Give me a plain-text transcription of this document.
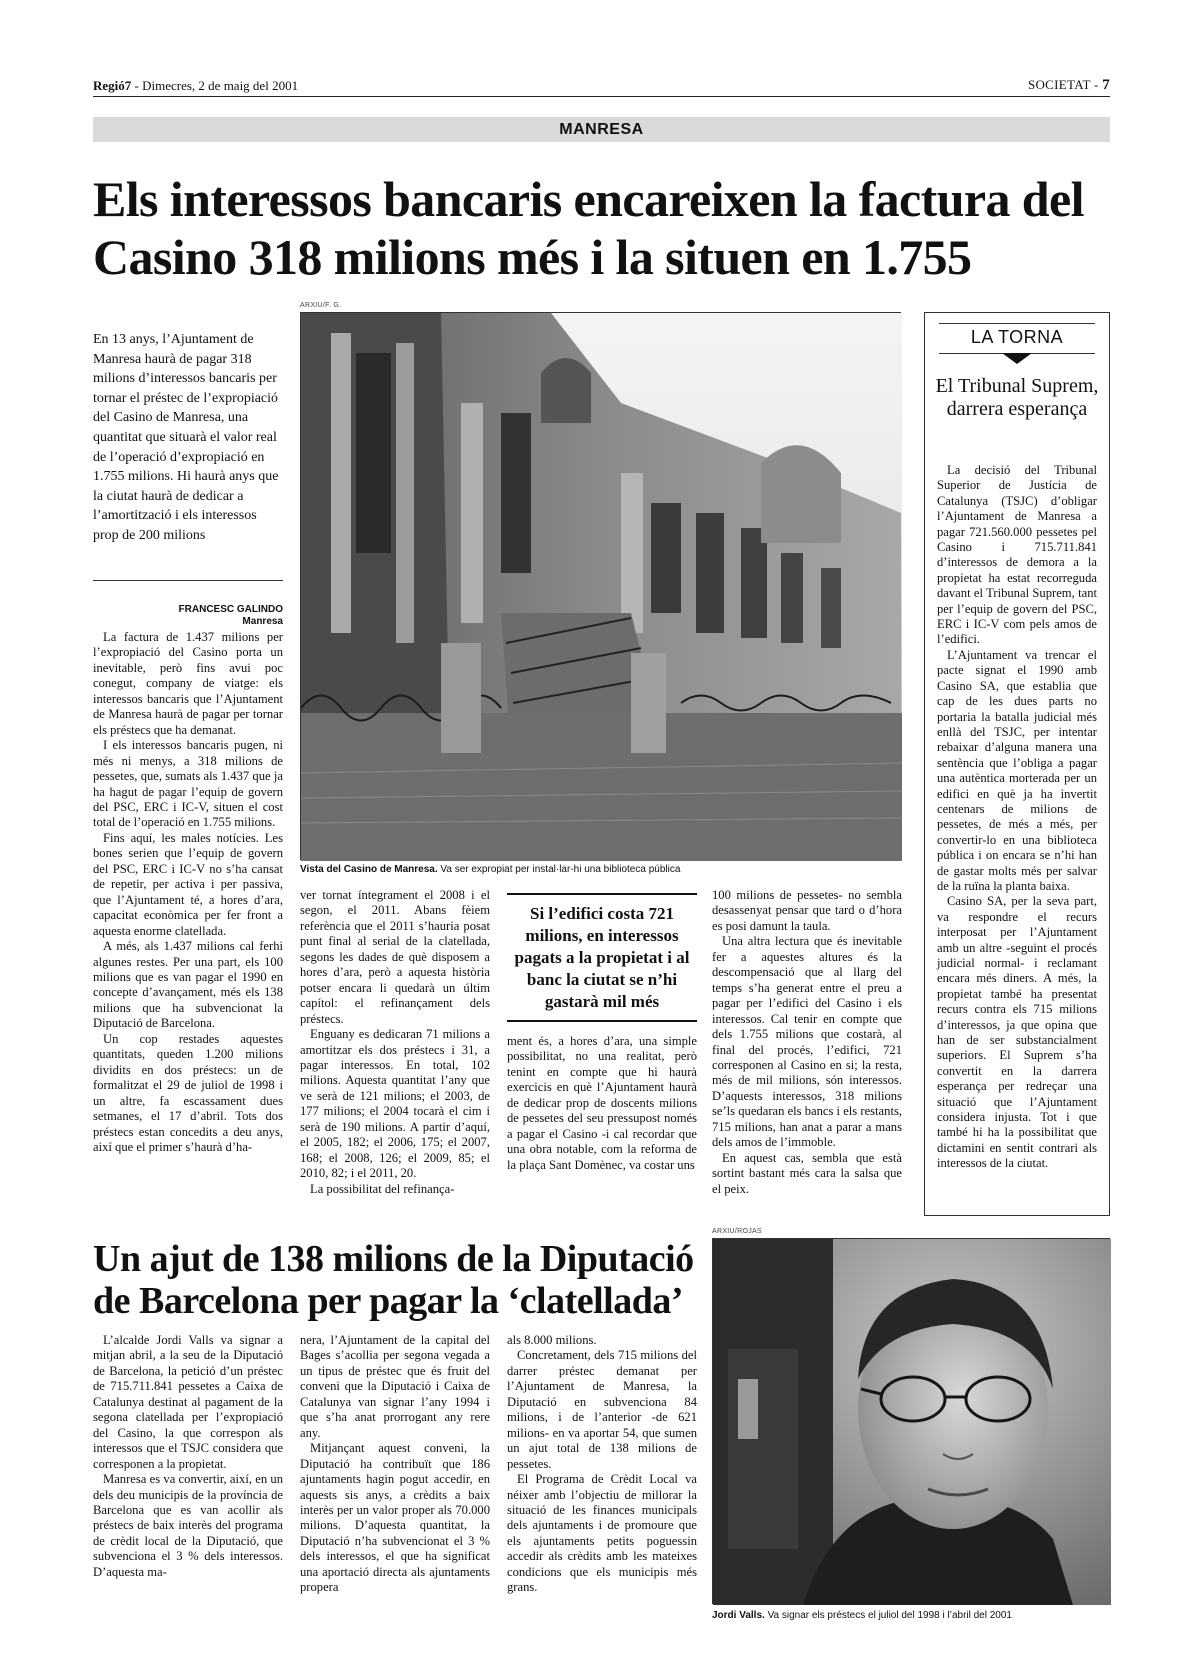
Regió7 - Dimecres, 2 de maig del 2001	SOCIETAT - 7
MANRESA
Els interessos bancaris encareixen la factura del Casino 318 milions més i la situen en 1.755
En 13 anys, l’Ajuntament de Manresa haurà de pagar 318 milions d’interessos bancaris per tornar el préstec de l’expropiació del Casino de Manresa, una quantitat que situarà el valor real de l’operació d’expropiació en 1.755 milions. Hi haurà anys que la ciutat haurà de dedicar a l’amortització i els interessos prop de 200 milions
FRANCESC GALINDO
Manresa

La factura de 1.437 milions per l’expropiació del Casino porta un inevitable, però fins avui poc conegut, company de viatge: els interessos bancaris que l’Ajuntament de Manresa haurà de pagar per tornar els préstecs que ha demanat.

I els interessos bancaris pugen, ni més ni menys, a 318 milions de pessetes, que, sumats als 1.437 que ja ha hagut de pagar l’equip de govern del PSC, ERC i IC-V, situen el cost total de l’operació en 1.755 milions.

Fins aquí, les males notícies. Les bones serien que l’equip de govern del PSC, ERC i IC-V no s’ha cansat de repetir, per activa i per passiva, que l’Ajuntament té, a hores d’ara, capacitat econòmica per fer front a aquesta enorme clatellada.

A més, als 1.437 milions cal ferhi algunes restes. Per una part, els 100 milions que es van pagar el 1990 en concepte d’avançament, més els 138 milions que ha subvencionat la Diputació de Barcelona.

Un cop restades aquestes quantitats, queden 1.200 milions dividits en dos préstecs: un de formalitzat el 29 de juliol de 1998 i un altre, fa escassament dues setmanes, el 17 d’abril. Tots dos préstecs estan concedits a deu anys, així que el primer s’haurà d’ha-

ARXIU/F. G.
Vista del Casino de Manresa. Va ser expropiat per instal·lar-hi una biblioteca pública

ver tornat íntegrament el 2008 i el segon, el 2011. Abans fèiem referència que el 2011 s’hauria posat punt final al serial de la clatellada, segons les dades de què disposem a hores d’ara, però a aquesta història potser encara li quedarà un últim capítol: el refinançament dels préstecs.

Enguany es dedicaran 71 milions a amortitzar els dos préstecs i 31, a pagar interessos. En total, 102 milions. Aquesta quantitat l’any que ve serà de 121 milions; el 2003, de 177 milions; el 2004 tocarà el cim i serà de 190 milions. A partir d’aquí, el 2005, 182; el 2006, 175; el 2007, 168; el 2008, 126; el 2009, 85; el 2010, 82; i el 2011, 20.

La possibilitat del refinança-

Si l’edifici costa 721 milions, en interessos pagats a la propietat i al banc la ciutat se n’hi gastarà mil més

ment és, a hores d’ara, una simple possibilitat, no una realitat, però tenint en compte que hi haurà exercicis en què l’Ajuntament haurà de dedicar prop de doscents milions de pessetes del seu pressupost només a pagar el Casino -i cal recordar que una obra notable, com la reforma de la plaça Sant Domènec, va costar uns

100 milions de pessetes- no sembla desassenyat pensar que tard o d’hora es posi damunt la taula.

Una altra lectura que és inevitable fer a aquestes altures és la descompensació que al llarg del temps s’ha generat entre el preu a pagar per l’edifici del Casino i els interessos. Cal tenir en compte que dels 1.755 milions que costarà, al final del procés, l’edifici, 721 corresponen al Casino en si; la resta, més de mil milions, són interessos. D’aquests interessos, 318 milions se’ls quedaran els bancs i els restants, 715 milions, han anat a parar a mans dels amos de l’immoble.

En aquest cas, sembla que està sortint bastant més cara la salsa que el peix.

LA TORNA
El Tribunal Suprem, darrera esperança

La decisió del Tribunal Superior de Justícia de Catalunya (TSJC) d’obligar l’Ajuntament de Manresa a pagar 721.560.000 pessetes pel Casino i 715.711.841 d’interessos de demora a la propietat ha estat recorreguda davant el Tribunal Suprem, tant per l’equip de govern del PSC, ERC i IC-V com pels amos de l’edifici.

L’Ajuntament va trencar el pacte signat el 1990 amb Casino SA, que establia que cap de les dues parts no portaria la batalla judicial més enllà del TSJC, per intentar rebaixar d’alguna manera una sentència que l’obliga a pagar una autèntica morterada per un edifici en què ja ha invertit centenars de milions de pessetes, de més a més, per convertir-lo en una biblioteca pública i on encara se n’hi han de gastar molts més per salvar de la ruïna la planta baixa.

Casino SA, per la seva part, va respondre el recurs interposat per l’Ajuntament amb un altre -seguint el procés judicial normal- i reclamant encara més diners. A més, la propietat també ha presentat recurs contra els 715 milions d’interessos, ja que opina que han de ser substancialment superiors. El Suprem s’ha convertit en la darrera esperança per redreçar una situació que l’Ajuntament considera injusta. Tot i que també hi ha la possibilitat que dictamini en sentit contrari als interessos de la ciutat.

Un ajut de 138 milions de la Diputació de Barcelona per pagar la ‘clatellada’

L’alcalde Jordi Valls va signar a mitjan abril, a la seu de la Diputació de Barcelona, la petició d’un préstec de 715.711.841 pessetes a Caixa de Catalunya destinat al pagament de la segona clatellada per l’expropiació del Casino, la que correspon als interessos que el TSJC considera que corresponen a la propietat.

Manresa es va convertir, així, en un dels deu municipis de la província de Barcelona que es van acollir als préstecs de baix interès del programa de crèdit local de la Diputació, que subvenciona el 3 % dels interessos. D’aquesta ma-

nera, l’Ajuntament de la capital del Bages s’acollia per segona vegada a un tipus de préstec que és fruit del conveni que la Diputació i Caixa de Catalunya van signar l’any 1994 i que s’ha anat prorrogant any rere any.

Mitjançant aquest conveni, la Diputació ha contribuït que 186 ajuntaments hagin pogut accedir, en aquests sis anys, a crèdits a baix interès per un valor proper als 70.000 milions. D’aquesta quantitat, la Diputació n’ha subvencionat el 3 % dels interessos, el que ha significat una aportació directa als ajuntaments propera

als 8.000 milions.

Concretament, dels 715 milions del darrer préstec demanat per l’Ajuntament de Manresa, la Diputació en subvenciona 84 milions, i de l’anterior -de 621 milions- en va aportar 54, que sumen un ajut total de 138 milions de pessetes.

El Programa de Crèdit Local va néixer amb l’objectiu de millorar la situació de les finances municipals dels ajuntaments i de promoure que els ajuntaments petits poguessin accedir als crèdits amb les mateixes condicions que els municipis més grans.

ARXIU/ROJAS
Jordi Valls. Va signar els préstecs el juliol del 1998 i l’abril del 2001
